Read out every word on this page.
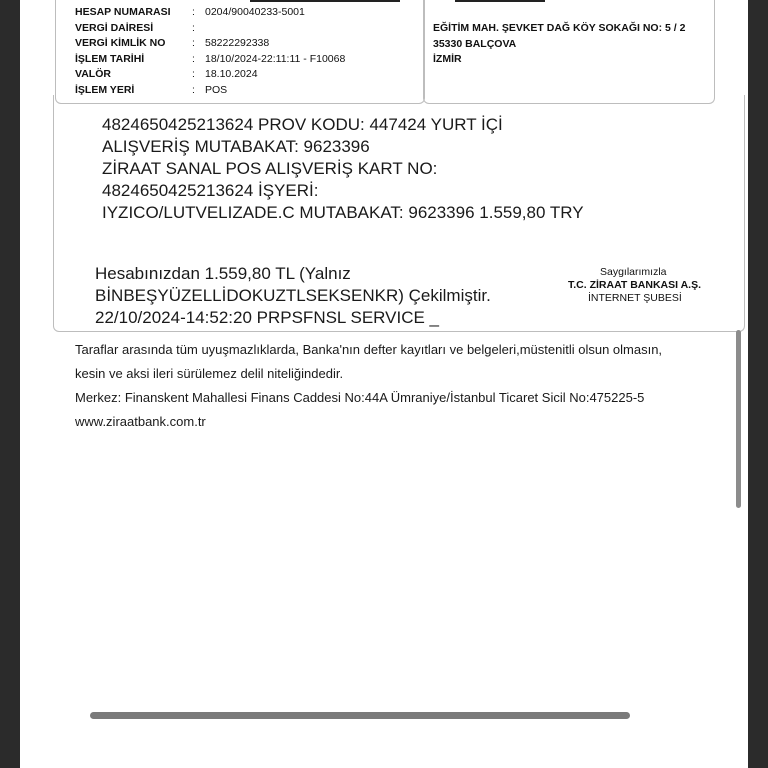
HESAP NUMARASI : 0204/90040233-5001
VERGİ DAİRESİ	:
VERGİ KİMLİK NO	: 58222292338
İŞLEM TARİHİ	: 18/10/2024-22:11:11 - F10068
VALÖR	: 18.10.2024
İŞLEM YERİ	: POS
EĞİTİM MAH. ŞEVKET DAĞ KÖY SOKAĞI NO: 5 / 2
35330 BALÇOVA
İZMİR
4824650425213624 PROV KODU: 447424 YURT İÇİ
ALIŞVERİŞ MUTABAKAT: 9623396
ZİRAAT SANAL POS ALIŞVERİŞ KART NO:
4824650425213624 İŞYERİ:
IYZICO/LUTVELIZADE.C MUTABAKAT: 9623396 1.559,80 TRY
Hesabınızdan 1.559,80 TL (Yalnız
BİNBEŞYÜZELLİDOKUZTLSEKSENKR) Çekilmiştir.
22/10/2024-14:52:20 PRPSFNSL SERVICE _
Saygılarımızla
T.C. ZİRAAT BANKASI A.Ş.
İNTERNET ŞUBESİ
Taraflar arasında tüm uyuşmazlıklarda, Banka'nın defter kayıtları ve belgeleri,müstenitli olsun olmasın,
kesin ve aksi ileri sürülemez delil niteliğindedir.
Merkez: Finanskent Mahallesi Finans Caddesi No:44A Ümraniye/İstanbul Ticaret Sicil No:475225-5
www.ziraatbank.com.tr
